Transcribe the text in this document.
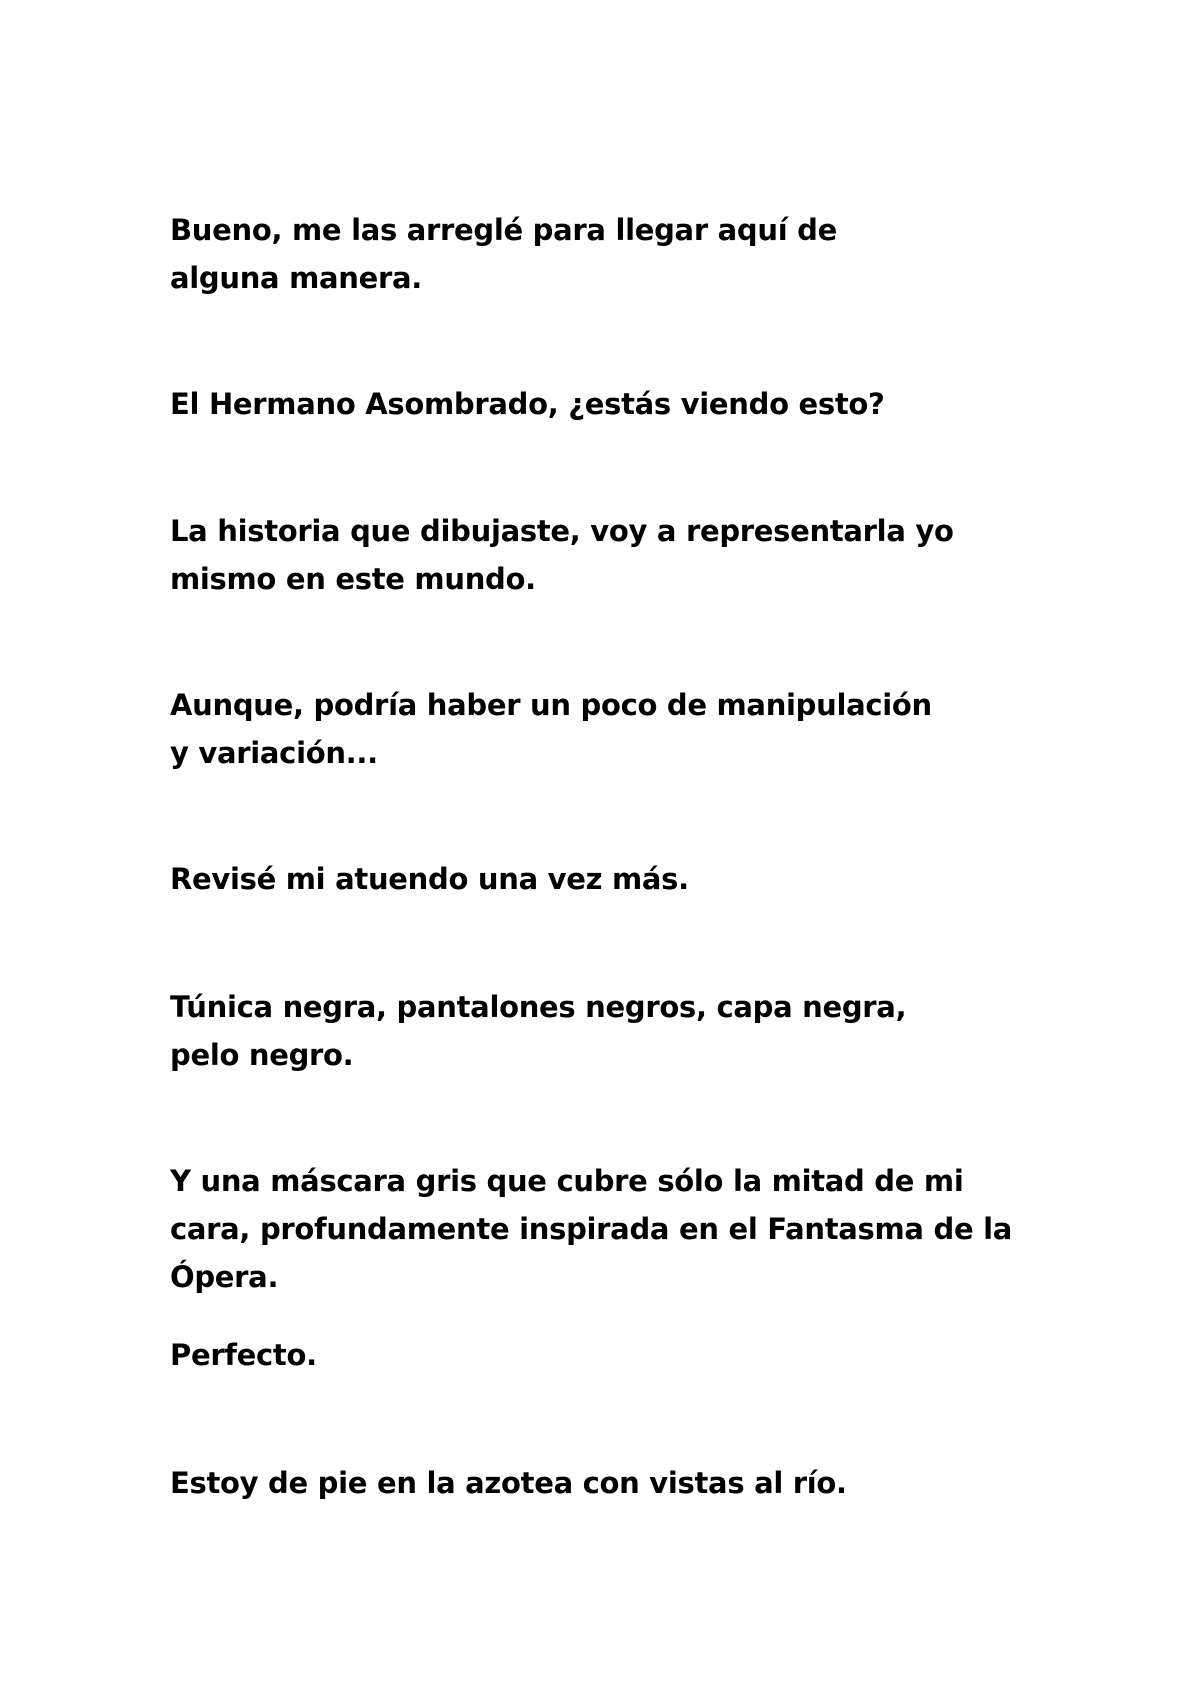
Bueno, me las arreglé para llegar aquí de alguna manera.

El Hermano Asombrado, ¿estás viendo esto?

La historia que dibujaste, voy a representarla yo mismo en este mundo.

Aunque, podría haber un poco de manipulación y variación...

Revisé mi atuendo una vez más.

Túnica negra, pantalones negros, capa negra, pelo negro.

Y una máscara gris que cubre sólo la mitad de mi cara, profundamente inspirada en el Fantasma de la Ópera.

Perfecto.

Estoy de pie en la azotea con vistas al río.
